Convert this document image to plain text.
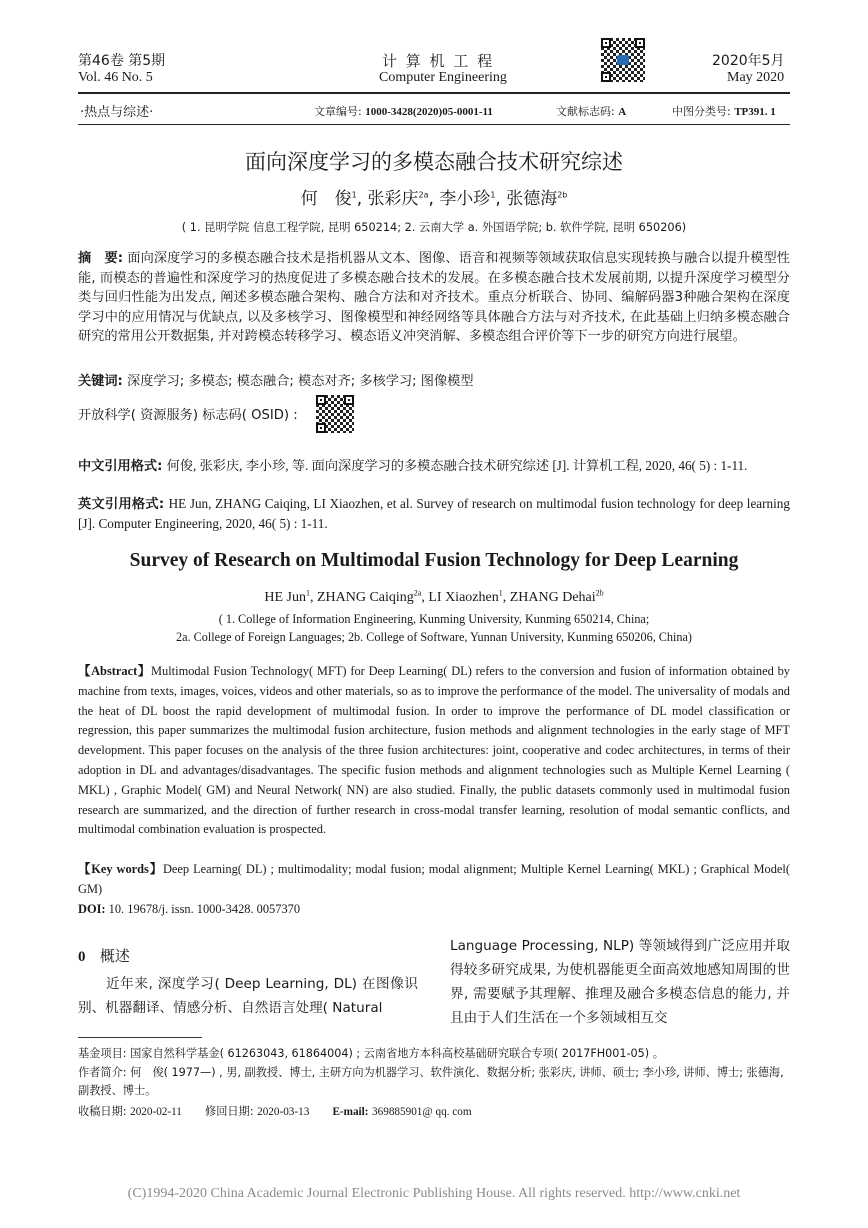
第46卷 第5期
Vol. 46 No. 5
计 算 机 工 程
Computer Engineering
2020年5月
May 2020
·热点与综述·	文章编号: 1000-3428(2020)05-0001-11	文献标志码: A	中图分类号: TP391. 1
面向深度学习的多模态融合技术研究综述
何　俊$^1$, 张彩庆$^{2a}$, 李小珍$^1$, 张德海$^{2b}$
( 1. 昆明学院 信息工程学院, 昆明 650214; 2. 云南大学 a. 外国语学院; b. 软件学院, 昆明 650206)
摘　要: 面向深度学习的多模态融合技术是指机器从文本、图像、语音和视频等领域获取信息实现转换与融合以提升模型性能, 而模态的普遍性和深度学习的热度促进了多模态融合技术的发展。在多模态融合技术发展前期, 以提升深度学习模型分类与回归性能为出发点, 阐述多模态融合架构、融合方法和对齐技术。重点分析联合、协同、编解码器3种融合架构在深度学习中的应用情况与优缺点, 以及多核学习、图像模型和神经网络等具体融合方法与对齐技术, 在此基础上归纳多模态融合研究的常用公开数据集, 并对跨模态转移学习、模态语义冲突消解、多模态组合评价等下一步的研究方向进行展望。
关键词: 深度学习; 多模态; 模态融合; 模态对齐; 多核学习; 图像模型
开放科学( 资源服务) 标志码( OSID) :
中文引用格式: 何俊, 张彩庆, 李小珍, 等. 面向深度学习的多模态融合技术研究综述 [J]. 计算机工程, 2020, 46( 5) : 1-11.
英文引用格式: HE Jun, ZHANG Caiqing, LI Xiaozhen, et al. Survey of research on multimodal fusion technology for deep learning [J]. Computer Engineering, 2020, 46( 5) : 1-11.
Survey of Research on Multimodal Fusion Technology for Deep Learning
HE Jun$^1$, ZHANG Caiqing$^{2a}$, LI Xiaozhen$^1$, ZHANG Dehai$^{2b}$
( 1. College of Information Engineering, Kunming University, Kunming 650214, China;
2a. College of Foreign Languages; 2b. College of Software, Yunnan University, Kunming 650206, China)
【Abstract】Multimodal Fusion Technology( MFT) for Deep Learning( DL) refers to the conversion and fusion of information obtained by machine from texts, images, voices, videos and other materials, so as to improve the performance of the model. The universality of modals and the heat of DL boost the rapid development of multimodal fusion. In order to improve the performance of DL model classification or regression, this paper summarizes the multimodal fusion architecture, fusion methods and alignment technologies in the early stage of MFT development. This paper focuses on the analysis of the three fusion architectures: joint, cooperative and codec architectures, in terms of their adoption in DL and advantages/disadvantages. The specific fusion methods and alignment technologies such as Multiple Kernel Learning ( MKL) , Graphic Model( GM) and Neural Network( NN) are also studied. Finally, the public datasets commonly used in multimodal fusion research are summarized, and the direction of further research in cross-modal transfer learning, resolution of modal semantic conflicts, and multimodal combination evaluation is prospected.
【Key words】Deep Learning( DL) ; multimodality; modal fusion; modal alignment; Multiple Kernel Learning( MKL) ; Graphical Model( GM)
DOI: 10. 19678/j. issn. 1000-3428. 0057370
0 概述
近年来, 深度学习( Deep Learning, DL) 在图像识别、机器翻译、情感分析、自然语言处理( Natural
Language Processing, NLP) 等领域得到广泛应用并取得较多研究成果, 为使机器能更全面高效地感知周围的世界, 需要赋予其理解、推理及融合多模态信息的能力, 并且由于人们生活在一个多领域相互交
基金项目: 国家自然科学基金( 61263043, 61864004) ; 云南省地方本科高校基础研究联合专项( 2017FH001-05) 。
作者简介: 何　俊( 1977—) , 男, 副教授、博士, 主研方向为机器学习、软件演化、数据分析; 张彩庆, 讲师、硕士; 李小珍, 讲师、博士; 张德海, 副教授、博士。
收稿日期: 2020-02-11 修回日期: 2020-03-13 E-mail: 369885901@ qq. com
(C)1994-2020 China Academic Journal Electronic Publishing House. All rights reserved. http://www.cnki.net
